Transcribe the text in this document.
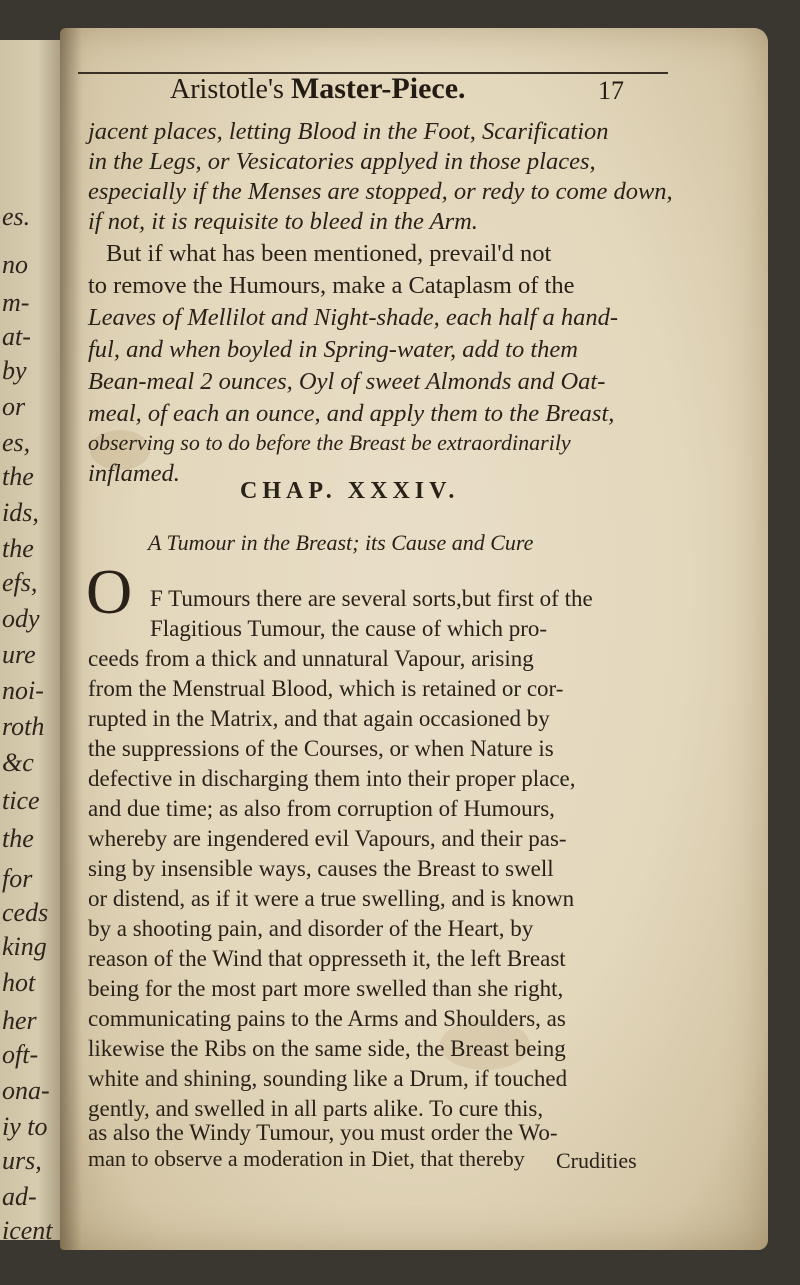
es.
no
m-
at-
by
or
es,
the
ids,
the
efs,
ody
ure
noi-
roth
&c
tice
the
for
ceds
king
hot
her
oft-
ona-
iy to
urs,
ad-
icent
Aristotle's Master-Piece.	17
jacent places, letting Blood in the Foot, Scarification
in the Legs, or Vesicatories applyed in those places,
especially if the Menses are stopped, or redy to come down,
if not, it is requisite to bleed in the Arm.
But if what has been mentioned, prevail'd not
to remove the Humours, make a Cataplasm of the
Leaves of Mellilot and Night-shade, each half a hand-
ful, and when boyled in Spring-water, add to them
Bean-meal 2 ounces, Oyl of sweet Almonds and Oat-
meal, of each an ounce, and apply them to the Breast,
observing so to do before the Breast be extraordinarily
inflamed.
CHAP. XXXIV.
A Tumour in the Breast; its Cause and Cure
O F Tumours there are several sorts,but first of the
Flagitious Tumour, the cause of which pro-
ceeds from a thick and unnatural Vapour, arising
from the Menstrual Blood, which is retained or cor-
rupted in the Matrix, and that again occasioned by
the suppressions of the Courses, or when Nature is
defective in discharging them into their proper place,
and due time; as also from corruption of Humours,
whereby are ingendered evil Vapours, and their pas-
sing by insensible ways, causes the Breast to swell
or distend, as if it were a true swelling, and is known
by a shooting pain, and disorder of the Heart, by
reason of the Wind that oppresseth it, the left Breast
being for the most part more swelled than she right,
communicating pains to the Arms and Shoulders, as
likewise the Ribs on the same side, the Breast being
white and shining, sounding like a Drum, if touched
gently, and swelled in all parts alike. To cure this,
as also the Windy Tumour, you must order the Wo-
man to observe a moderation in Diet, that thereby	Crudities
